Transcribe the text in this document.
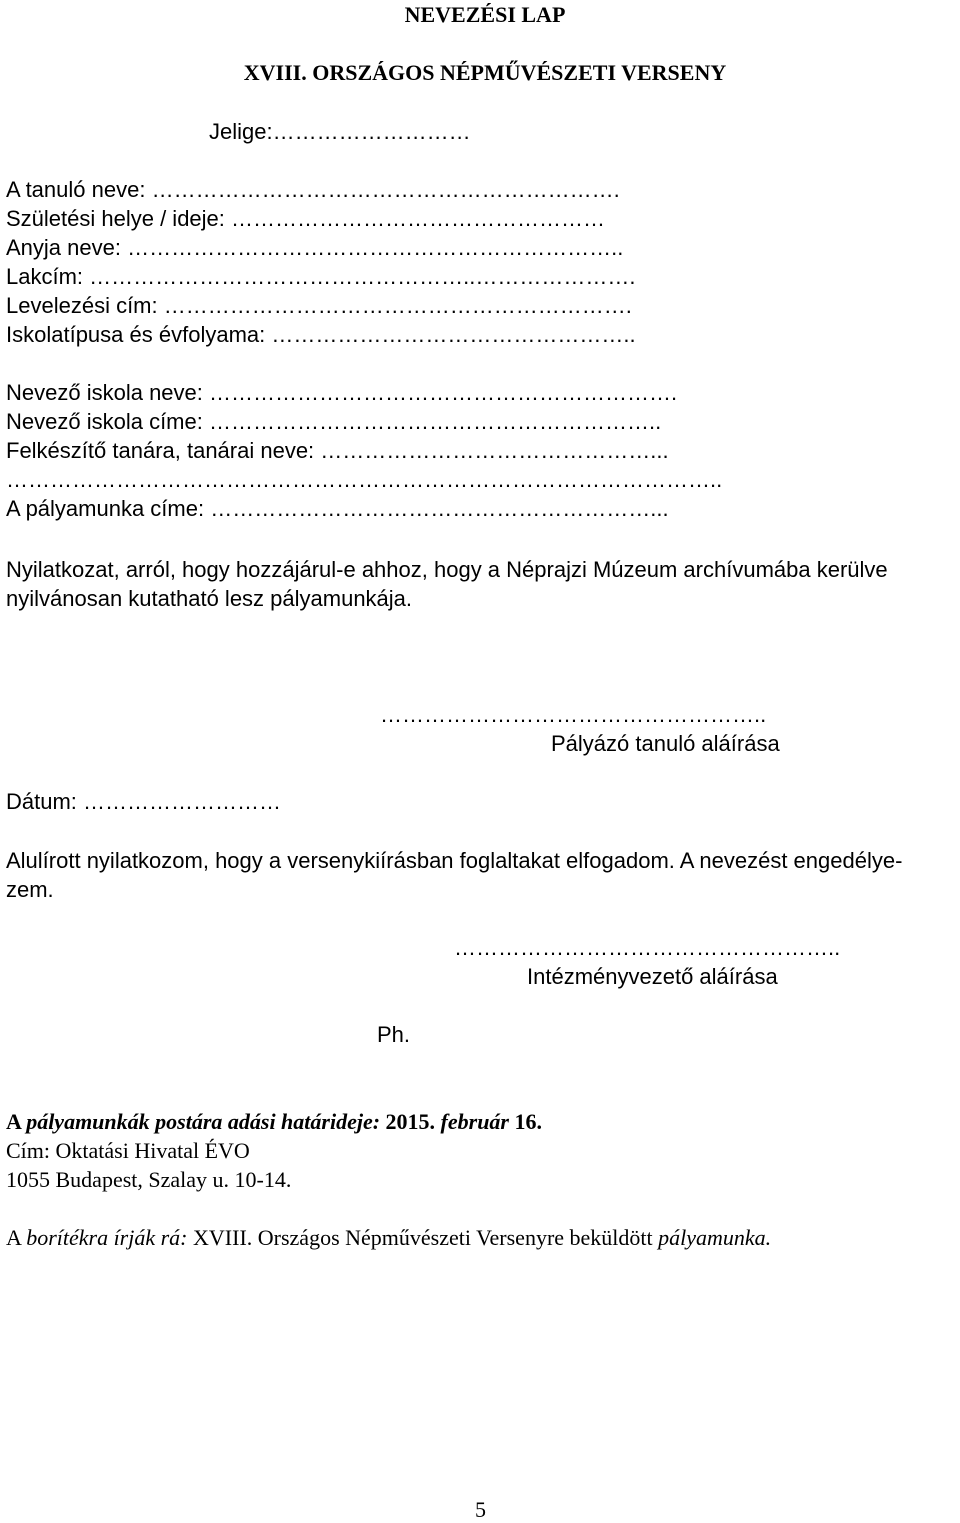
NEVEZÉSI LAP
XVIII. ORSZÁGOS NÉPMŰVÉSZETI VERSENY
Jelige:………………………
A tanuló neve: ……………………………………………………….
Születési helye / ideje: ……………………………………………
Anyja neve: …………………………………………………………..
Lakcím: ……………………………………………..………………….
Levelezési cím: ……………………………………………………….
Iskolatípusa és évfolyama: …………………………………………..
Nevező iskola neve: ……………………………………………………….
Nevező iskola címe: ……………………………………………………..
Felkészítő tanára, tanárai neve: ………………………………………...
……………………………………………………………………………………..
A pályamunka címe: ……………………………………………………...
Nyilatkozat, arról, hogy hozzájárul-e ahhoz, hogy a Néprajzi Múzeum archívumába kerülve
nyilvánosan kutatható lesz pályamunkája.
……………………………………………..
Pályázó tanuló aláírása
Dátum: ………………………
Alulírott nyilatkozom, hogy a versenykiírásban foglaltakat elfogadom. A nevezést engedélye-
zem.
……………………………………………..
Intézményvezető aláírása
Ph.
A pályamunkák postára adási határideje: 2015. február 16.
Cím: Oktatási Hivatal ÉVO
1055 Budapest, Szalay u. 10-14.
A borítékra írják rá: XVIII. Országos Népművészeti Versenyre beküldött pályamunka.
5
